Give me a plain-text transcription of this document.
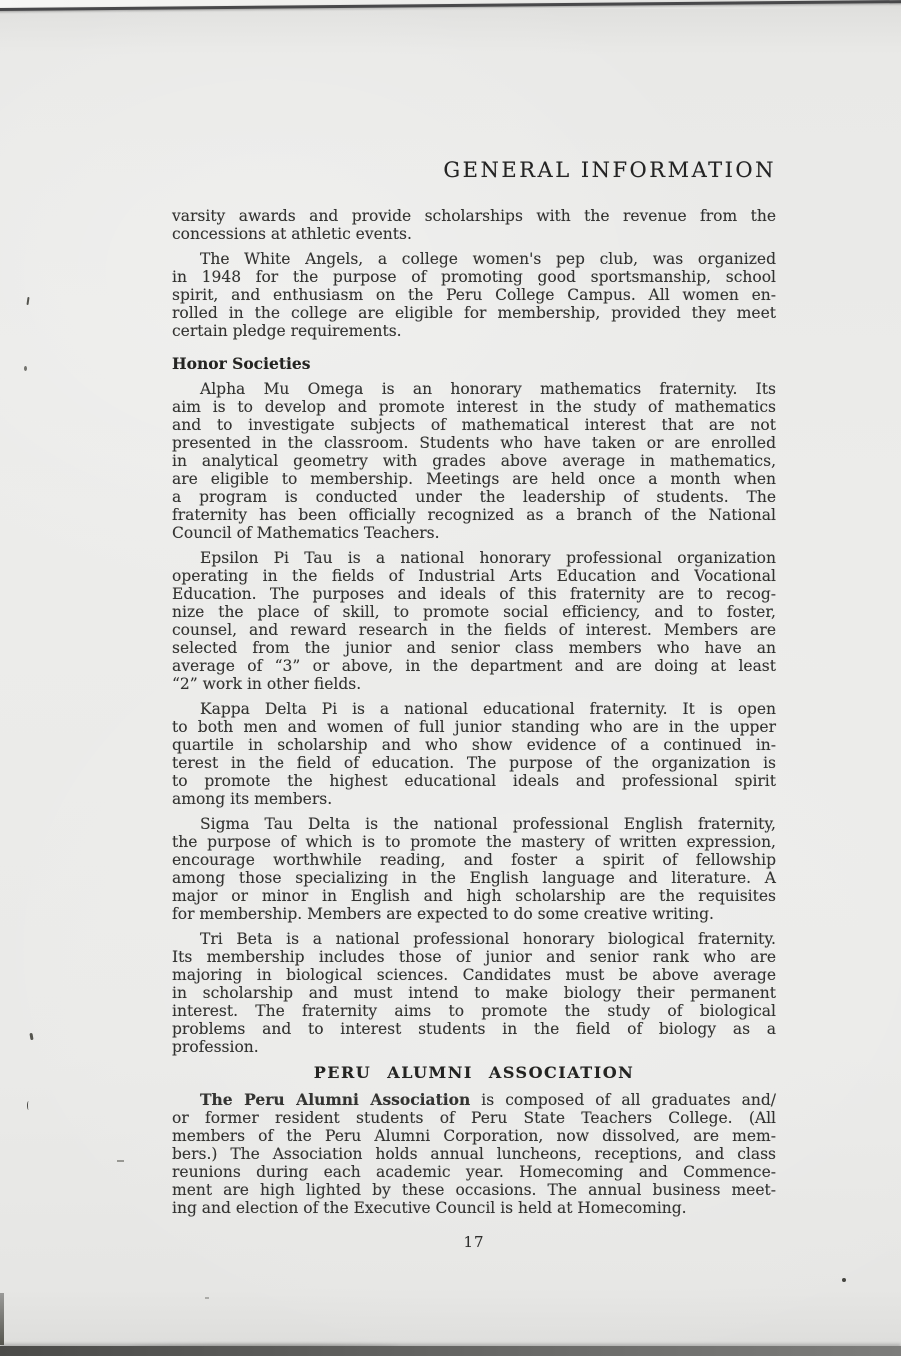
GENERAL INFORMATION
varsity awards and provide scholarships with the revenue from the
concessions at athletic events.
The White Angels, a college women's pep club, was organized
in 1948 for the purpose of promoting good sportsmanship, school
spirit, and enthusiasm on the Peru College Campus. All women en-
rolled in the college are eligible for membership, provided they meet
certain pledge requirements.
Honor Societies
Alpha Mu Omega is an honorary mathematics fraternity. Its
aim is to develop and promote interest in the study of mathematics
and to investigate subjects of mathematical interest that are not
presented in the classroom. Students who have taken or are enrolled
in analytical geometry with grades above average in mathematics,
are eligible to membership. Meetings are held once a month when
a program is conducted under the leadership of students. The
fraternity has been officially recognized as a branch of the National
Council of Mathematics Teachers.
Epsilon Pi Tau is a national honorary professional organization
operating in the fields of Industrial Arts Education and Vocational
Education. The purposes and ideals of this fraternity are to recog-
nize the place of skill, to promote social efficiency, and to foster,
counsel, and reward research in the fields of interest. Members are
selected from the junior and senior class members who have an
average of “3” or above, in the department and are doing at least
“2” work in other fields.
Kappa Delta Pi is a national educational fraternity. It is open
to both men and women of full junior standing who are in the upper
quartile in scholarship and who show evidence of a continued in-
terest in the field of education. The purpose of the organization is
to promote the highest educational ideals and professional spirit
among its members.
Sigma Tau Delta is the national professional English fraternity,
the purpose of which is to promote the mastery of written expression,
encourage worthwhile reading, and foster a spirit of fellowship
among those specializing in the English language and literature. A
major or minor in English and high scholarship are the requisites
for membership. Members are expected to do some creative writing.
Tri Beta is a national professional honorary biological fraternity.
Its membership includes those of junior and senior rank who are
majoring in biological sciences. Candidates must be above average
in scholarship and must intend to make biology their permanent
interest. The fraternity aims to promote the study of biological
problems and to interest students in the field of biology as a
profession.
PERU ALUMNI ASSOCIATION
The Peru Alumni Association is composed of all graduates and/
or former resident students of Peru State Teachers College. (All
members of the Peru Alumni Corporation, now dissolved, are mem-
bers.) The Association holds annual luncheons, receptions, and class
reunions during each academic year. Homecoming and Commence-
ment are high lighted by these occasions. The annual business meet-
ing and election of the Executive Council is held at Homecoming.
17
